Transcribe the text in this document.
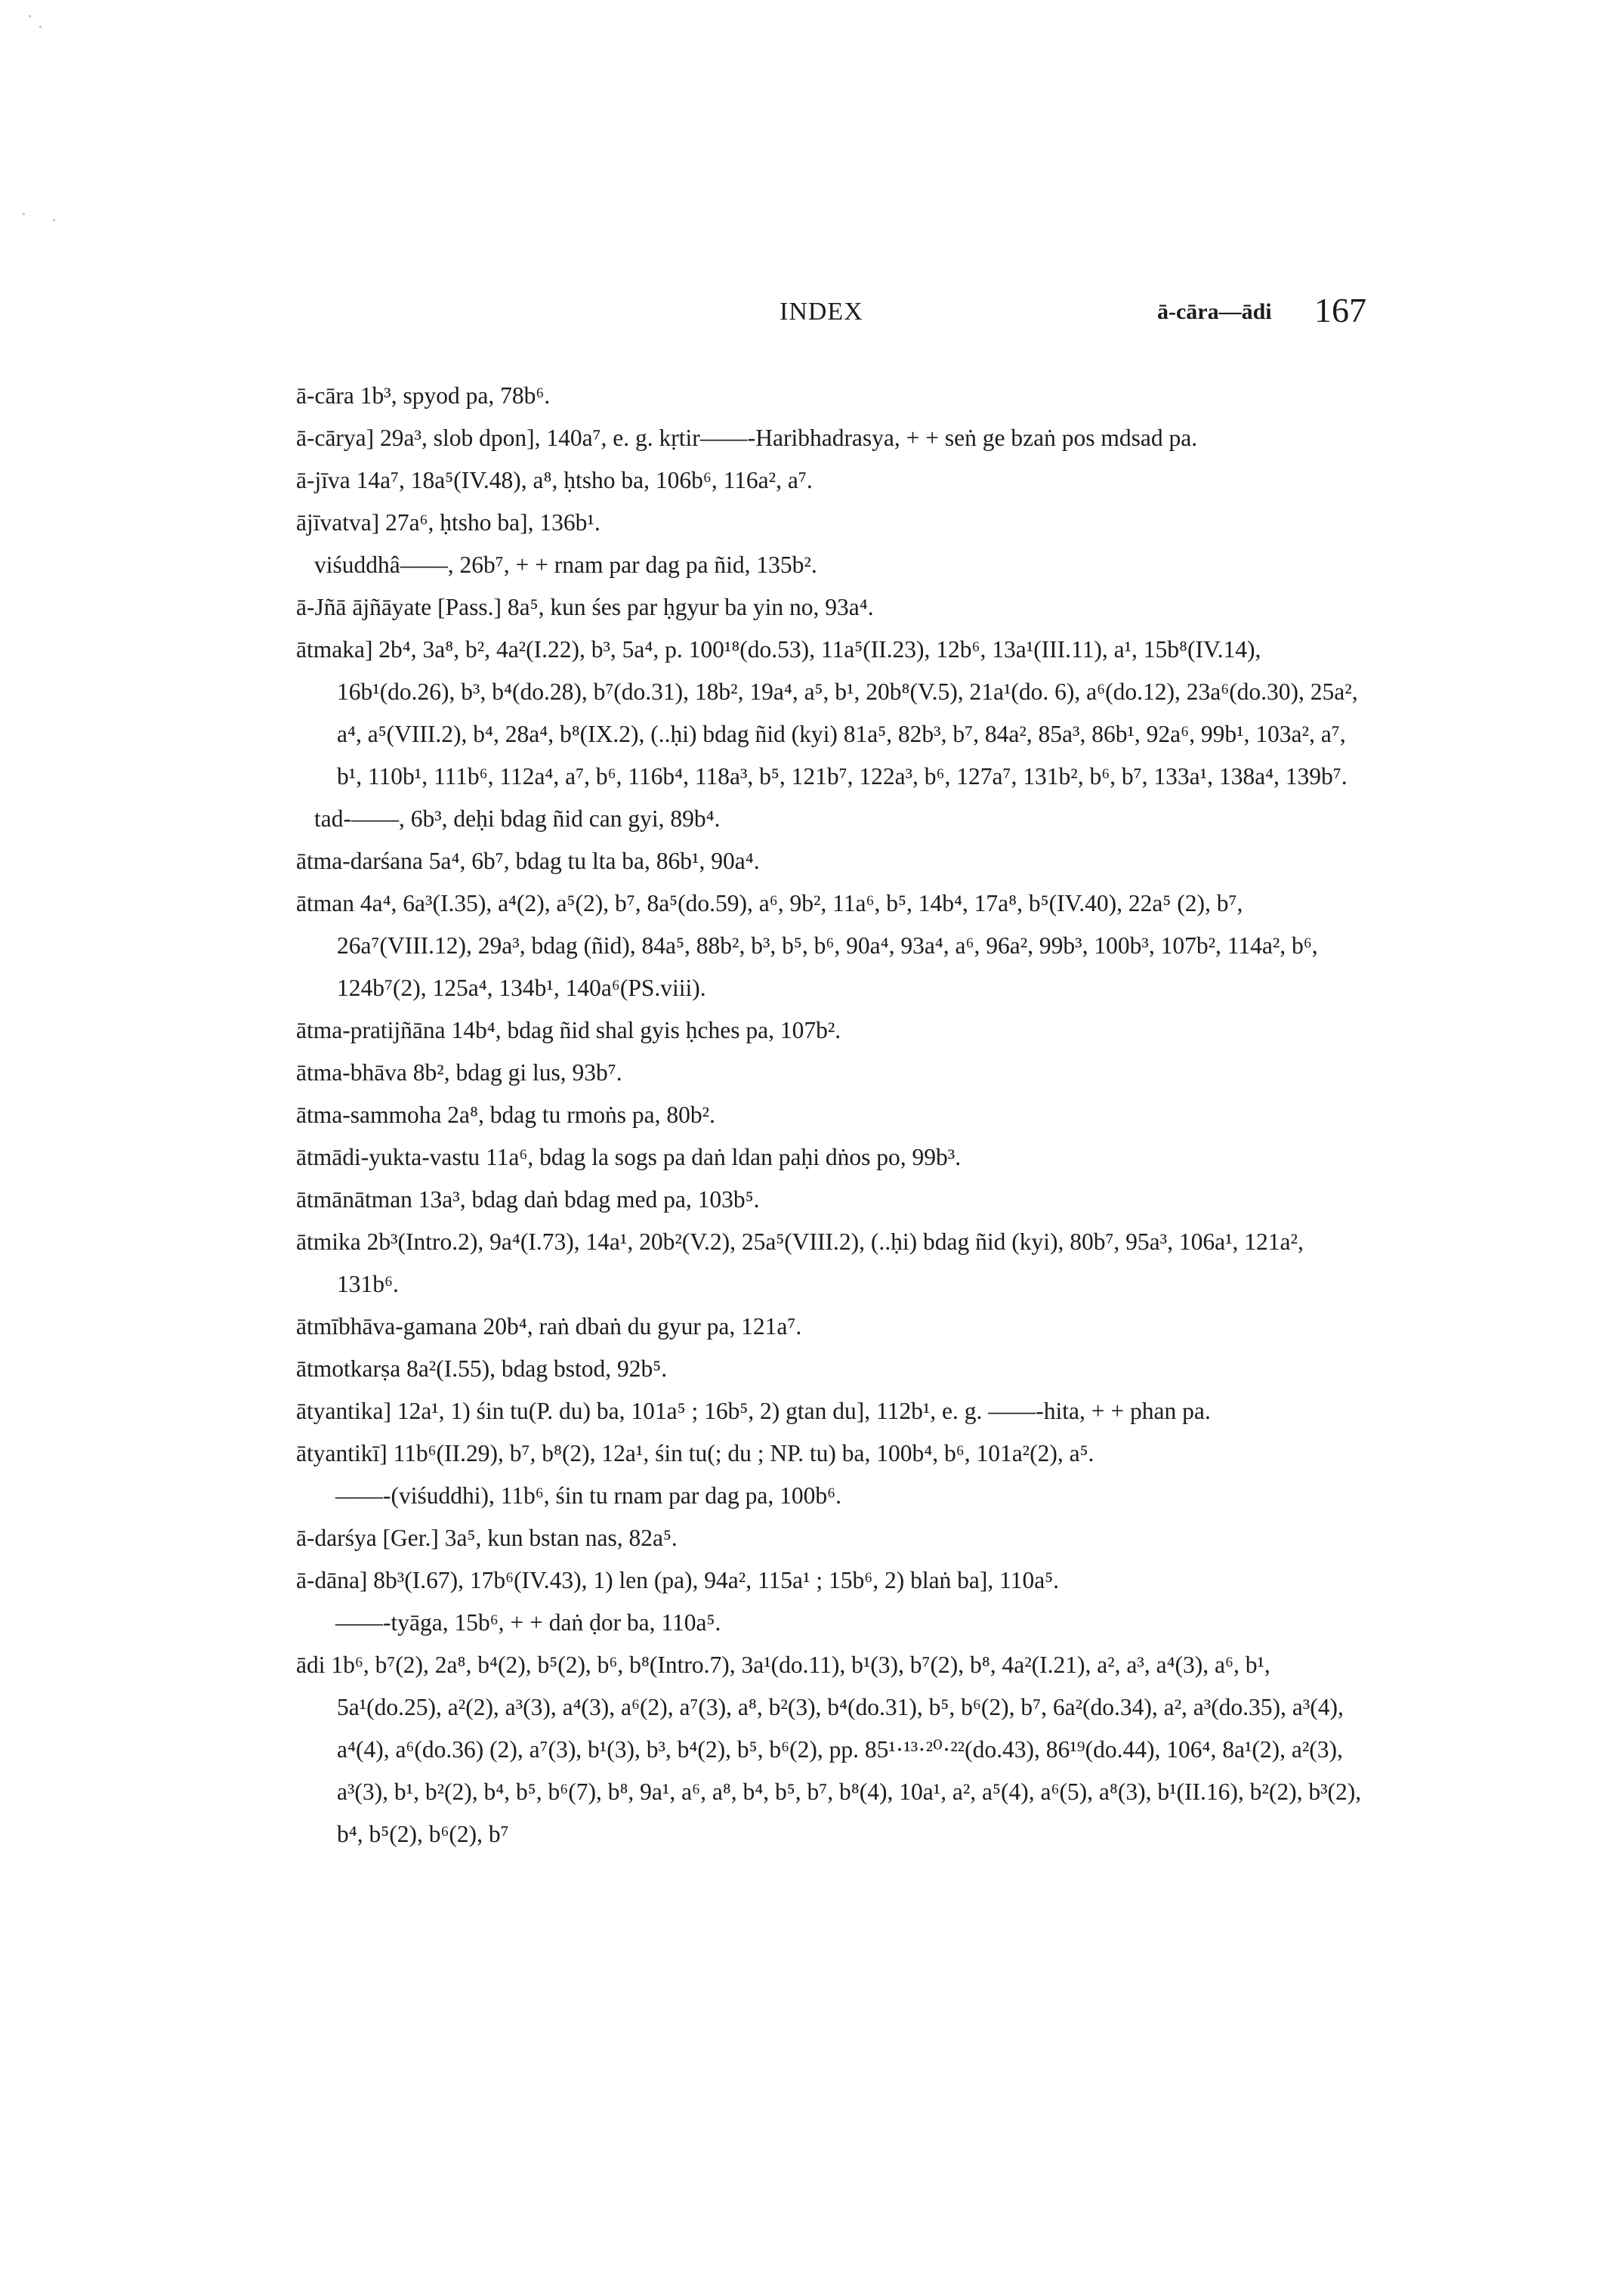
INDEX	ā-cāra—ādi 167
ā-cāra 1b³, spyod pa, 78b⁶.
ā-cārya] 29a³, slob dpon], 140a⁷, e. g. kṛtir——-Haribhadrasya, + + seṅ ge bzaṅ pos mdsad pa.
ā-jīva 14a⁷, 18a⁵(IV.48), a⁸, ḥtsho ba, 106b⁶, 116a², a⁷.
ājīvatva] 27a⁶, ḥtsho ba], 136b¹.
viśuddhâ——, 26b⁷, + + rnam par dag pa ñid, 135b².
ā-Jñā ājñāyate [Pass.] 8a⁵, kun śes par ḥgyur ba yin no, 93a⁴.
ātmaka] 2b⁴, 3a⁸, b², 4a²(I.22), b³, 5a⁴, p. 100¹⁸(do.53), 11a⁵(II.23), 12b⁶, 13a¹(III.11), a¹, 15b⁸(IV.14), 16b¹(do.26), b³, b⁴(do.28), b⁷(do.31), 18b², 19a⁴, a⁵, b¹, 20b⁸(V.5), 21a¹(do. 6), a⁶(do.12), 23a⁶(do.30), 25a², a⁴, a⁵(VIII.2), b⁴, 28a⁴, b⁸(IX.2), (..ḥi) bdag ñid (kyi) 81a⁵, 82b³, b⁷, 84a², 85a³, 86b¹, 92a⁶, 99b¹, 103a², a⁷, b¹, 110b¹, 111b⁶, 112a⁴, a⁷, b⁶, 116b⁴, 118a³, b⁵, 121b⁷, 122a³, b⁶, 127a⁷, 131b², b⁶, b⁷, 133a¹, 138a⁴, 139b⁷.
tad-——, 6b³, deḥi bdag ñid can gyi, 89b⁴.
ātma-darśana 5a⁴, 6b⁷, bdag tu lta ba, 86b¹, 90a⁴.
ātman 4a⁴, 6a³(I.35), a⁴(2), a⁵(2), b⁷, 8a⁵(do.59), a⁶, 9b², 11a⁶, b⁵, 14b⁴, 17a⁸, b⁵(IV.40), 22a⁵ (2), b⁷, 26a⁷(VIII.12), 29a³, bdag (ñid), 84a⁵, 88b², b³, b⁵, b⁶, 90a⁴, 93a⁴, a⁶, 96a², 99b³, 100b³, 107b², 114a², b⁶, 124b⁷(2), 125a⁴, 134b¹, 140a⁶(PS.viii).
ātma-pratijñāna 14b⁴, bdag ñid shal gyis ḥches pa, 107b².
ātma-bhāva 8b², bdag gi lus, 93b⁷.
ātma-sammoha 2a⁸, bdag tu rmoṅs pa, 80b².
ātmādi-yukta-vastu 11a⁶, bdag la sogs pa daṅ ldan paḥi dṅos po, 99b³.
ātmānātman 13a³, bdag daṅ bdag med pa, 103b⁵.
ātmika 2b³(Intro.2), 9a⁴(I.73), 14a¹, 20b²(V.2), 25a⁵(VIII.2), (..ḥi) bdag ñid (kyi), 80b⁷, 95a³, 106a¹, 121a², 131b⁶.
ātmībhāva-gamana 20b⁴, raṅ dbaṅ du gyur pa, 121a⁷.
ātmotkarṣa 8a²(I.55), bdag bstod, 92b⁵.
ātyantika] 12a¹, 1) śin tu(P. du) ba, 101a⁵ ; 16b⁵, 2) gtan du], 112b¹, e. g. ——-hita, + + phan pa.
ātyantikī] 11b⁶(II.29), b⁷, b⁸(2), 12a¹, śin tu(; du ; NP. tu) ba, 100b⁴, b⁶, 101a²(2), a⁵.
——-(viśuddhi), 11b⁶, śin tu rnam par dag pa, 100b⁶.
ā-darśya [Ger.] 3a⁵, kun bstan nas, 82a⁵.
ā-dāna] 8b³(I.67), 17b⁶(IV.43), 1) len (pa), 94a², 115a¹ ; 15b⁶, 2) blaṅ ba], 110a⁵.
——-tyāga, 15b⁶, + + daṅ ḍor ba, 110a⁵.
ādi 1b⁶, b⁷(2), 2a⁸, b⁴(2), b⁵(2), b⁶, b⁸(Intro.7), 3a¹(do.11), b¹(3), b⁷(2), b⁸, 4a²(I.21), a², a³, a⁴(3), a⁶, b¹, 5a¹(do.25), a²(2), a³(3), a⁴(3), a⁶(2), a⁷(3), a⁸, b²(3), b⁴(do.31), b⁵, b⁶(2), b⁷, 6a²(do.34), a², a³(do.35), a³(4), a⁴(4), a⁶(do.36) (2), a⁷(3), b¹(3), b³, b⁴(2), b⁵, b⁶(2), pp. 85¹·¹³·²⁰·²²(do.43), 86¹⁹(do.44), 106⁴, 8a¹(2), a²(3), a³(3), b¹, b²(2), b⁴, b⁵, b⁶(7), b⁸, 9a¹, a⁶, a⁸, b⁴, b⁵, b⁷, b⁸(4), 10a¹, a², a⁵(4), a⁶(5), a⁸(3), b¹(II.16), b²(2), b³(2), b⁴, b⁵(2), b⁶(2), b⁷
